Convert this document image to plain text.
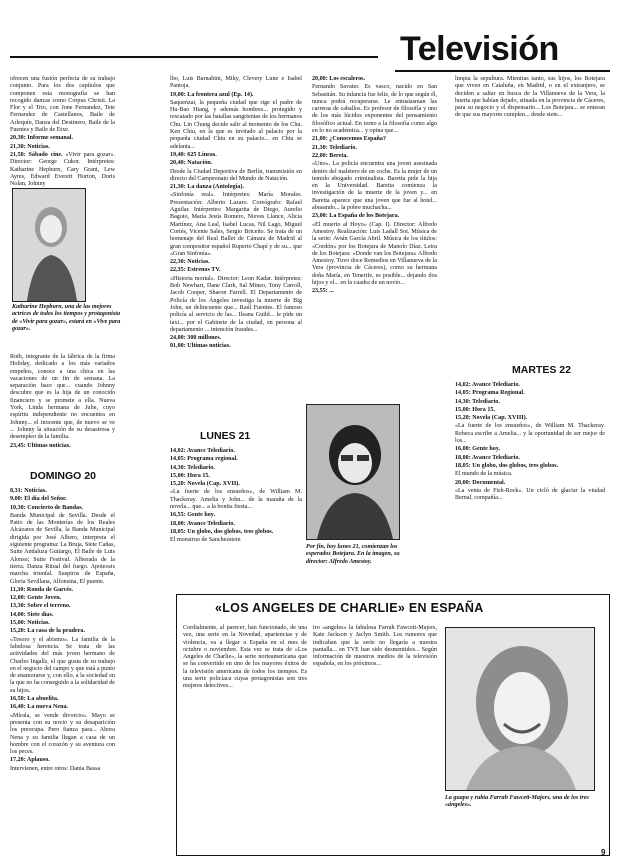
Televisión

ofrecen una fusión perfecta de su trabajo conjunto. Para los dos capítulos que componen esta monografía se han recogido danzas como Corpus Christi. La Flor y el Trio, con Jone Fernandez, Tete Fernandez de Castellanos, Baile de Arlequín, Danza del Destinero, Baile de la Fuentes y Baile de Etxe.

20,30: Informe semanal.

21,30: Noticias.

21,50: Sábado cine. «Vivir para gozar». Director: George Cukor. Intérpretes: Katharine Hepburn, Cary Grant, Lew Ayres, Edward Everett Horton, Doris Nolan, Johnny

Katharine Hepburn, una de las mejores actrices de todos los tiempos y protagonista de «Vivir para gozar», estará en «Vive para gozar».

Roth, integrante de la fábrica de la firma Holiday, dedicado a los más variados empeños, conoce a una chica en las vacaciones de un fin de semana. La separación hace que... cuando Johnny descubre que es la hija de un conocido financiero y se promete a ella. Nueva York, Linda hermana de Julie, cuyo espíritu independiente no encuentra en Johnny... el inocente que, de nuevo se ve ... Johnny la situación de su desastrosa y desempleo de la familia.

23,45: Ultimas noticias.

DOMINGO 20

8,31: Noticias.

9,00: El día del Señor.

10,30: Concierto de Bandas.

Banda Municipal de Sevilla. Desde el Patio de las Monterías de los Reales Alcázares de Sevilla, la Banda Municipal dirigida por José Albero, interpreta el siguiente programa: La Bruja, Siete Cañas, Suite Andaluza Guitargo, El Baile de Luis Alonso; Suite Festival. Alborada de la tierra. Danza Ritual del fuego. Apoteosis marcha triunfal. Suspiros de España, Gloria Sevillana, Alfonsina, El puente.

11,30: Ronda de Garcés.

12,00: Gente Joven.

13,30: Sobre el terreno.

14,00: Siete días.

15,00: Noticias.

15,20: La casa de la pradera.

«Tesoro y el abismo». La familia de la fabulosa herencia. Se trata de las actividades del más joven hermano de Charles Ingalls, el que gusta de su trabajo en el negocio del campo y que está a punto de enamorarse y, con ello, a la sociedad en la que no ha conseguido a la solidaridad de su hijos.

16,50: La abuelita.

16,40: La nueva Nena.

«Mírala, se vende divorcio». Mayo se presenta con su novio y su desaparición los preocupa. Pero fianza para... Ahora Nena y su familia llegan a casa de un hombre con el corazón y su aventura con los peces.

17,20: Aplauso.

Intervienen, entre otros: Dania Bassa

lbo, Luis Barnabini, Miky, Clevery Lune e Isabel Pantoja.

19,00: La frontera azul (Ep. 14).

Saquenzai, la pequeña ciudad que rige el padre de Hu-Bao Hiang, y además hombres... protegido y rescatado por las batallas sangrientas de los hermanos Chu. Lin Chung decide salir al momento de los Chu. Ken Chiu, en la que es invitado al palacio por la pequeña ciudad Chiu en su palacio... en Chiu se adelanta...

19,40: 625 Líneas.

20,40: Natación.

Desde la Ciudad Deportiva de Berlín, transmisión en directo del Campeonato del Mundo de Natación.

21,30: La danza (Antología).

«Sinfonía real». Intérpretes: María Morales. Presentación: Alberto Lazaro. Coreógrafo: Rafael Aguilar. Intérpretes: Margarita de Diego, Aurelio Bagoio, María Jesús Romero, Nieves Llance, Alicia Martínez, Ana Leal, Isabel Lucas, Nil Lago, Miguel Cortés, Vicente Sales, Sergio Briceño. Se trata de un homenaje del Real Ballet de Cámara de Madrid al gran compositor español Ruperto Chapí y de su... que «Gran Sinfonía».

22,30: Noticias.

22,35: Estrenos TV.

«Historia mortal». Director: Leon Kadar. Intérpretes: Bob Newhart, Dane Clark, Sal Mineo, Tony Carroll, Jacob Cooper, Sharon Farrell. El Departamento de Policía de los Ángeles investiga la muerte de Big John, un delincuente que... Raúl Fuentes. El famoso policía al servicio de las... Ileana Guild... le pide un taxi... por el Gabinete de la ciudad, en persona al departamento ... intención fraudes...

24,00: 300 millones.

01,00: Ultimas noticias.

LUNES 21

14,02: Avance Telediario.

14,05: Programa regional.

14,30: Telediario.

15,00: Hora 15.

15,20: Novela (Cap. XVII).

«La fuerte de los ensueños», de William M. Thackeray. Amelia y John... de la maraña de la novela... que... a la bonita fiesta...

16,55: Gente hoy.

18,00: Avance Telediario.

18,05: Un globo, dos globos, tres globos.

El monstruo de Sanchezstein

Por fin, hoy lunes 21, comienzan los esperados Botejara. En la imagen, su director: Alfredo Amestoy.

20,00: Los escaleros.

Fernando Savater. Es vasco, nacido en San Sebastián. Su infancia fue feliz, de lo que según él, nunca podrá recuperarse. Le entusiasman las carreras de caballos. Es profesor de filosofía y uno de los más lúcidos exponentes del pensamiento filosófico actual. En torno a la filosofía como algo en lo no académica... y opina que...

21,00: ¿Conocemos España?

21,30: Telediario.

22,00: Bereta.

«Uno». La policía encuentra una joven asesinada dentro del maletero de un coche. Es la mujer de un temido abogado criminalista. Baretta pide la hija en la Universidad. Baretta comienza la investigación de la muerte de la joven y... en Baretta aparece que una joven que fue al hotel... abusando... la pobre muchacha...

23,00: La España de los Botejara.

«El muerto al Hoyo» (Cap. I). Director: Alfredo Amestoy. Realización: Luis Ladall Sot. Música de la serie: Avián García Abril. Música de los títulos: «Cordón» por los Botejara de Manolo Díaz. Letra de los Botejara: «Donde van los Botejara» Alfredo Amestoy. Tuvo doce Remedios en Villanueva de la Vera (provincia de Cáceres), como su hermana doña María, en Tenerife, es posible... dejando dos hijos y el... en la cuadra de un novio...

23,55: ...

limpia la sepultura. Mientras tanto, sus hijos, los Botejara que viven en Cataluña, en Madrid, o en el extranjero, se deciden a saltar en busca de la Villanueva de la Vera, la huerta que habían dejado, situada en la provincia de Cáceres, para su negocio y el dispensario... Los Botejara... se enteran de que sus mayores cumplen... desde siete...

MARTES 22

14,02: Avance Telediario.

14,05: Programa Regional.

14,30: Telediario.

15,00: Hora 15.

15,20: Novela (Cap. XVIII).

«La fuerte de los ensueños», de William M. Thackeray. Rebeca escribe a Amelia... y la oportunidad de ser mejor de los...

16,00: Gente hoy.

18,00: Avance Telediario.

18,05: Un globo, dos globos, tres globos.

El mundo de la música.

20,00: Documental.

«La venta de Fish-Rock». Un cicló de glaciar la viudad Bernal, compañía...

«LOS ANGELES DE CHARLIE» EN ESPAÑA

Cordialmente, al parecer, han funcionado, de una vez, una serie en la Novedad, apariencias y de violencia, va a llegar a España en el mes de octubre o noviembre. Esta vez se trata de «Los Angeles de Charlie», la serie norteamericana que se ha convertido en uno de los mayores éxitos de la televisión americana de todos los tiempos. Es una serie policíaca cuyas protagonistas son tres mujeres detectives...

tro «angeles» la fabulosa Farrah Fawcett-Majors, Kate Jackson y Jaclyn Smith. Los rumores que indicaban que la serie no llegaría a nuestra pantalla... en TVE han sido desmentidos... Según información de nuestros medios de la televisión española, en los próximos...

La guapa y rubia Farrah Fawcett-Majors, una de los tres «ángeles».
9
